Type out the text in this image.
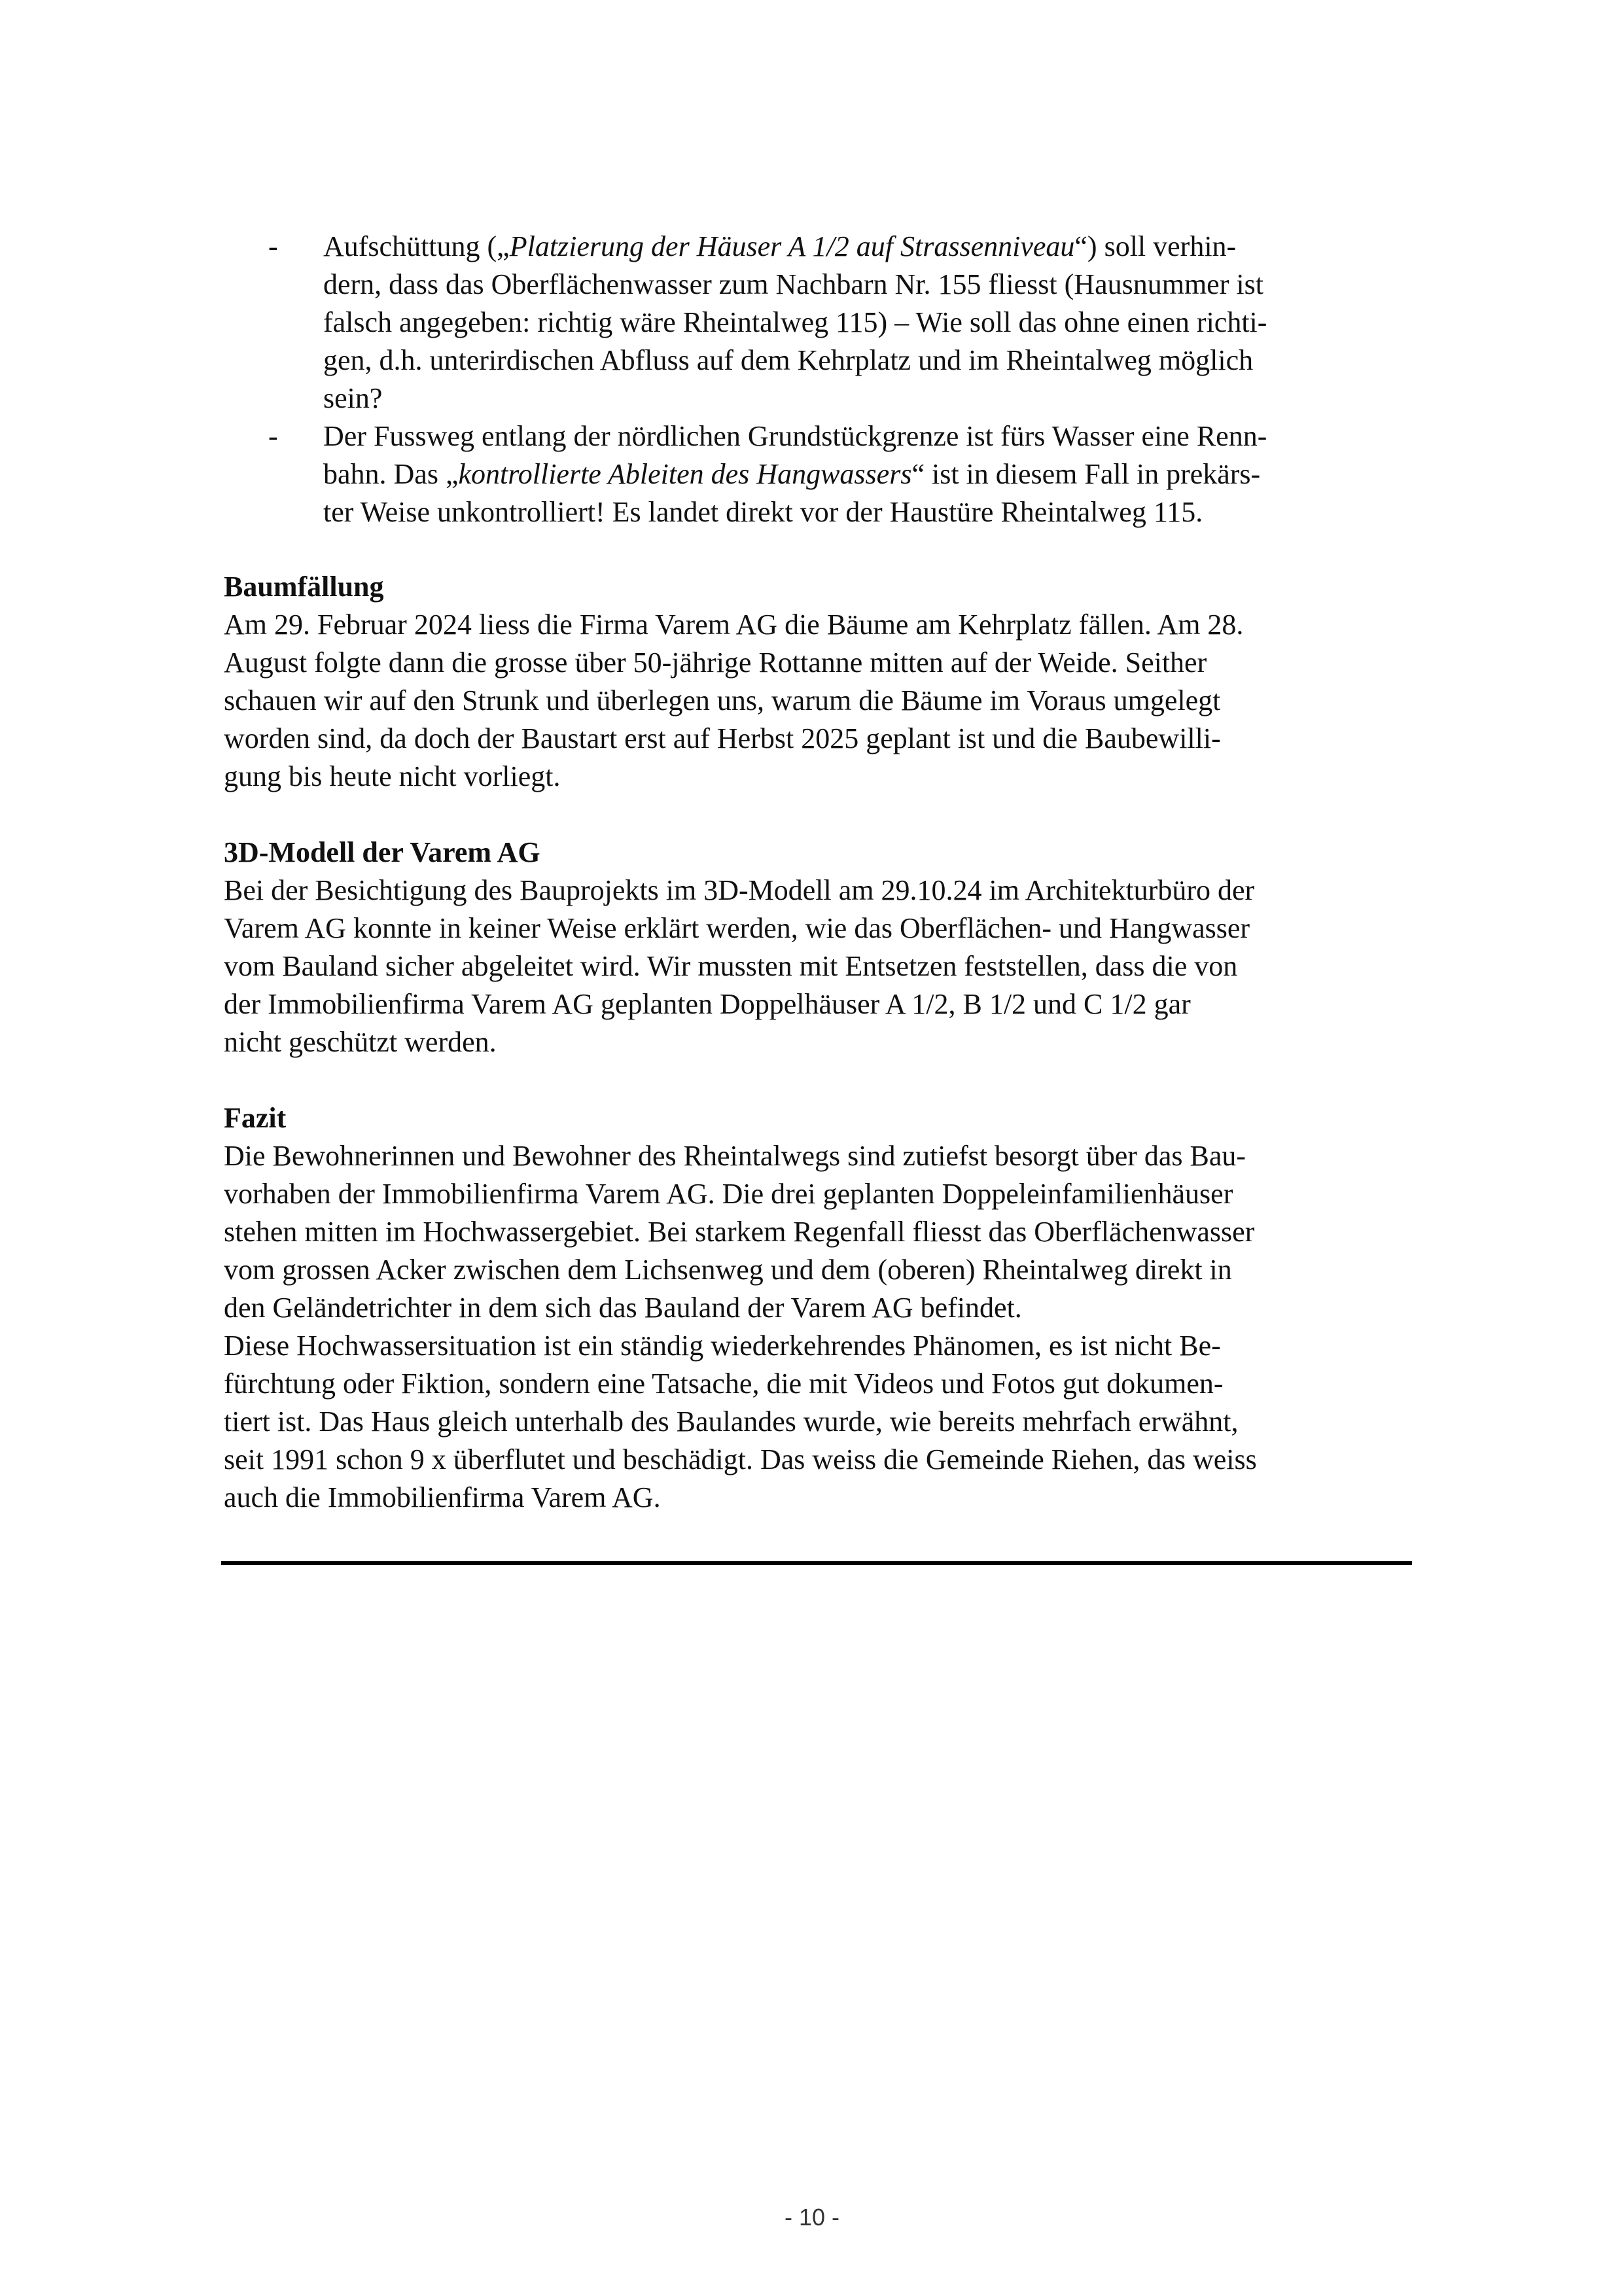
-	Aufschüttung („Platzierung der Häuser A 1/2 auf Strassenniveau“) soll verhin-
dern, dass das Oberflächenwasser zum Nachbarn Nr. 155 fliesst (Hausnummer ist
falsch angegeben: richtig wäre Rheintalweg 115) – Wie soll das ohne einen richti-
gen, d.h. unterirdischen Abfluss auf dem Kehrplatz und im Rheintalweg möglich
sein?
-	Der Fussweg entlang der nördlichen Grundstückgrenze ist fürs Wasser eine Renn-
bahn. Das „kontrollierte Ableiten des Hangwassers“ ist in diesem Fall in prekärs-
ter Weise unkontrolliert! Es landet direkt vor der Haustüre Rheintalweg 115.
Baumfällung
Am 29. Februar 2024 liess die Firma Varem AG die Bäume am Kehrplatz fällen. Am 28.
August folgte dann die grosse über 50-jährige Rottanne mitten auf der Weide. Seither
schauen wir auf den Strunk und überlegen uns, warum die Bäume im Voraus umgelegt
worden sind, da doch der Baustart erst auf Herbst 2025 geplant ist und die Baubewilli-
gung bis heute nicht vorliegt.
3D-Modell der Varem AG
Bei der Besichtigung des Bauprojekts im 3D-Modell am 29.10.24 im Architekturbüro der
Varem AG konnte in keiner Weise erklärt werden, wie das Oberflächen- und Hangwasser
vom Bauland sicher abgeleitet wird. Wir mussten mit Entsetzen feststellen, dass die von
der Immobilienfirma Varem AG geplanten Doppelhäuser A 1/2, B 1/2 und C 1/2 gar
nicht geschützt werden.
Fazit
Die Bewohnerinnen und Bewohner des Rheintalwegs sind zutiefst besorgt über das Bau-
vorhaben der Immobilienfirma Varem AG. Die drei geplanten Doppeleinfamilienhäuser
stehen mitten im Hochwassergebiet. Bei starkem Regenfall fliesst das Oberflächenwasser
vom grossen Acker zwischen dem Lichsenweg und dem (oberen) Rheintalweg direkt in
den Geländetrichter in dem sich das Bauland der Varem AG befindet.
Diese Hochwassersituation ist ein ständig wiederkehrendes Phänomen, es ist nicht Be-
fürchtung oder Fiktion, sondern eine Tatsache, die mit Videos und Fotos gut dokumen-
tiert ist. Das Haus gleich unterhalb des Baulandes wurde, wie bereits mehrfach erwähnt,
seit 1991 schon 9 x überflutet und beschädigt. Das weiss die Gemeinde Riehen, das weiss
auch die Immobilienfirma Varem AG.
- 10 -
